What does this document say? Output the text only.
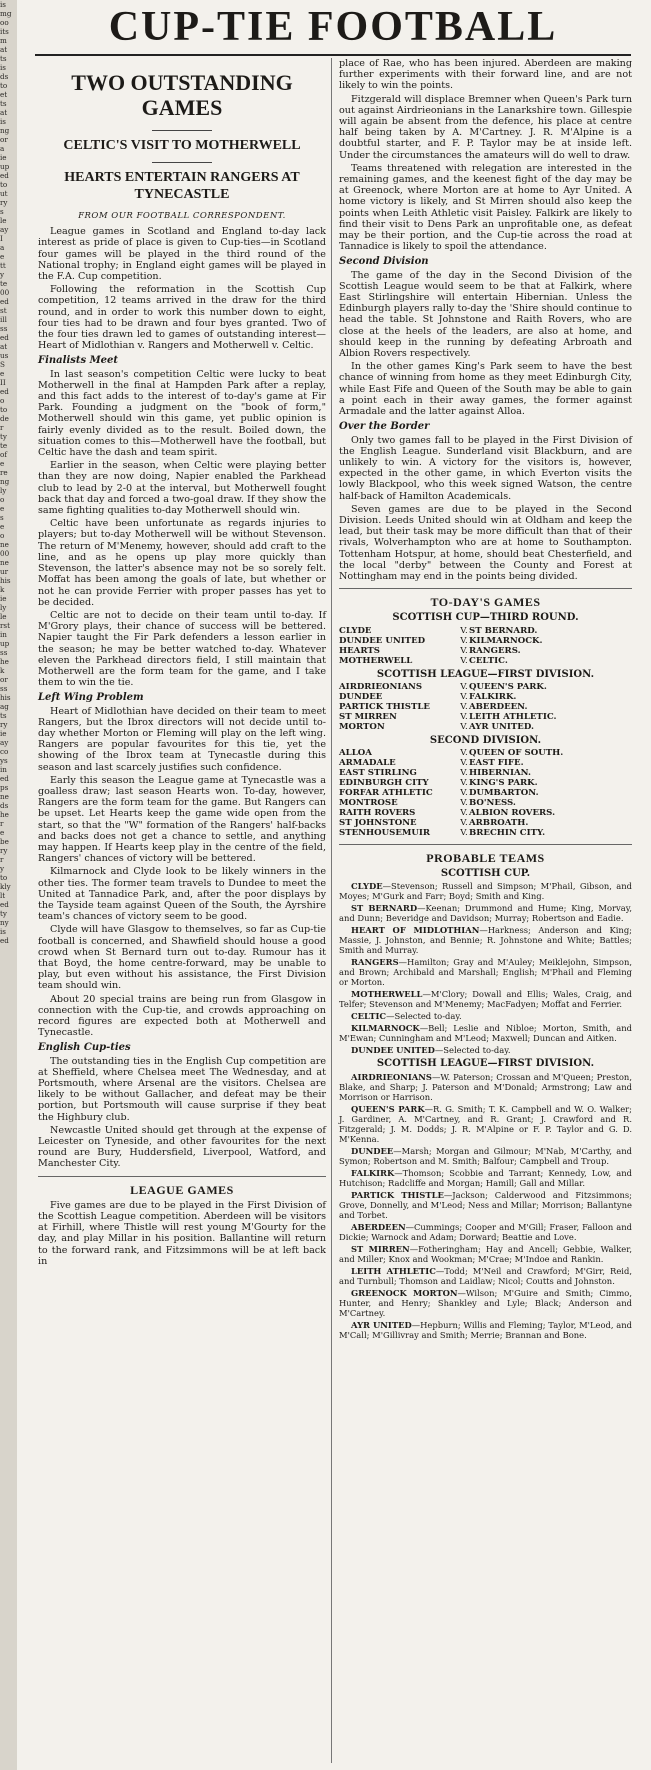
is
mg
oo
its
m
at
ts
is
ds
to
et
ts
at
is
ng
or
a
ie
up
ed
to
ut
ry
s
le
ay
I
a
e
tt
y
te
00
ed
st
ill
ss
ed
at
us
S
e
II
ed
o
to
de
r
ty
te
of
e
re
ng
ly
o
e
s
e
o
ne
00
ne
ur
his
k
ie
ly
le
rst
in
up
ss
he
k
or
ss
his
ag
ts
ry
ie
ay
co
ys
in
ed
ps
ne
ds
he
r
e
be
ry
r
y
to
kly
lt
ed
ty
ny
is
ed
CUP-TIE FOOTBALL
TWO OUTSTANDING GAMES
CELTIC'S VISIT TO MOTHERWELL
HEARTS ENTERTAIN RANGERS AT TYNECASTLE
FROM OUR FOOTBALL CORRESPONDENT.

League games in Scotland and England to-day lack interest as pride of place is given to Cup-ties—in Scotland four games will be played in the third round of the National trophy; in England eight games will be played in the F.A. Cup competition.

Following the reformation in the Scottish Cup competition, 12 teams arrived in the draw for the third round, and in order to work this number down to eight, four ties had to be drawn and four byes granted. Two of the four ties drawn led to games of outstanding interest—Heart of Midlothian v. Rangers and Motherwell v. Celtic.

Finalists Meet

In last season's competition Celtic were lucky to beat Motherwell in the final at Hampden Park after a replay, and this fact adds to the interest of to-day's game at Fir Park. Founding a judgment on the "book of form," Motherwell should win this game, yet public opinion is fairly evenly divided as to the result. Boiled down, the situation comes to this—Motherwell have the football, but Celtic have the dash and team spirit.

Earlier in the season, when Celtic were playing better than they are now doing, Napier enabled the Parkhead club to lead by 2-0 at the interval, but Motherwell fought back that day and forced a two-goal draw. If they show the same fighting qualities to-day Motherwell should win.

Celtic have been unfortunate as regards injuries to players; but to-day Motherwell will be without Stevenson. The return of M'Menemy, however, should add craft to the line, and as he opens up play more quickly than Stevenson, the latter's absence may not be so sorely felt. Moffat has been among the goals of late, but whether or not he can provide Ferrier with proper passes has yet to be decided.

Celtic are not to decide on their team until to-day. If M'Grory plays, their chance of success will be bettered. Napier taught the Fir Park defenders a lesson earlier in the season; he may be better watched to-day. Whatever eleven the Parkhead directors field, I still maintain that Motherwell are the form team for the game, and I take them to win the tie.

Left Wing Problem

Heart of Midlothian have decided on their team to meet Rangers, but the Ibrox directors will not decide until to-day whether Morton or Fleming will play on the left wing. Rangers are popular favourites for this tie, yet the showing of the Ibrox team at Tynecastle during this season and last scarcely justifies such confidence.

Early this season the League game at Tynecastle was a goalless draw; last season Hearts won. To-day, however, Rangers are the form team for the game. But Rangers can be upset. Let Hearts keep the game wide open from the start, so that the "W" formation of the Rangers' half-backs and backs does not get a chance to settle, and anything may happen. If Hearts keep play in the centre of the field, Rangers' chances of victory will be bettered.

Kilmarnock and Clyde look to be likely winners in the other ties. The former team travels to Dundee to meet the United at Tannadice Park, and, after the poor displays by the Tayside team against Queen of the South, the Ayrshire team's chances of victory seem to be good.

Clyde will have Glasgow to themselves, so far as Cup-tie football is concerned, and Shawfield should house a good crowd when St Bernard turn out to-day. Rumour has it that Boyd, the home centre-forward, may be unable to play, but even without his assistance, the First Division team should win.

About 20 special trains are being run from Glasgow in connection with the Cup-tie, and crowds approaching on record figures are expected both at Motherwell and Tynecastle.

English Cup-ties

The outstanding ties in the English Cup competition are at Sheffield, where Chelsea meet The Wednesday, and at Portsmouth, where Arsenal are the visitors. Chelsea are likely to be without Gallacher, and defeat may be their portion, but Portsmouth will cause surprise if they beat the Highbury club.

Newcastle United should get through at the expense of Leicester on Tyneside, and other favourites for the next round are Bury, Huddersfield, Liverpool, Watford, and Manchester City.

LEAGUE GAMES

Five games are due to be played in the First Division of the Scottish League competition. Aberdeen will be visitors at Firhill, where Thistle will rest young M'Gourty for the day, and play Millar in his position. Ballantine will return to the forward rank, and Fitzsimmons will be at left back in

place of Rae, who has been injured. Aberdeen are making further experiments with their forward line, and are not likely to win the points.

Fitzgerald will displace Bremner when Queen's Park turn out against Airdrieonians in the Lanarkshire town. Gillespie will again be absent from the defence, his place at centre half being taken by A. M'Cartney. J. R. M'Alpine is a doubtful starter, and F. P. Taylor may be at inside left. Under the circumstances the amateurs will do well to draw.

Teams threatened with relegation are interested in the remaining games, and the keenest fight of the day may be at Greenock, where Morton are at home to Ayr United. A home victory is likely, and St Mirren should also keep the points when Leith Athletic visit Paisley. Falkirk are likely to find their visit to Dens Park an unprofitable one, as defeat may be their portion, and the Cup-tie across the road at Tannadice is likely to spoil the attendance.

Second Division

The game of the day in the Second Division of the Scottish League would seem to be that at Falkirk, where East Stirlingshire will entertain Hibernian. Unless the Edinburgh players rally to-day the 'Shire should continue to head the table. St Johnstone and Raith Rovers, who are close at the heels of the leaders, are also at home, and should keep in the running by defeating Arbroath and Albion Rovers respectively.

In the other games King's Park seem to have the best chance of winning from home as they meet Edinburgh City, while East Fife and Queen of the South may be able to gain a point each in their away games, the former against Armadale and the latter against Alloa.

Over the Border

Only two games fall to be played in the First Division of the English League. Sunderland visit Blackburn, and are unlikely to win. A victory for the visitors is, however, expected in the other game, in which Everton visits the lowly Blackpool, who this week signed Watson, the centre half-back of Hamilton Academicals.

Seven games are due to be played in the Second Division. Leeds United should win at Oldham and keep the lead, but their task may be more difficult than that of their rivals, Wolverhampton who are at home to Southampton. Tottenham Hotspur, at home, should beat Chesterfield, and the local "derby" between the County and Forest at Nottingham may end in the points being divided.

TO-DAY'S GAMES
SCOTTISH CUP—THIRD ROUND.
CLYDE	V. ST BERNARD.
DUNDEE UNITED	V. KILMARNOCK.
HEARTS	V. RANGERS.
MOTHERWELL	V. CELTIC.
SCOTTISH LEAGUE—FIRST DIVISION.
AIRDRIEONIANS	V. QUEEN'S PARK.
DUNDEE	V. FALKIRK.
PARTICK THISTLE	V. ABERDEEN.
ST MIRREN	V. LEITH ATHLETIC.
MORTON	V. AYR UNITED.
SECOND DIVISION.
ALLOA	V. QUEEN OF SOUTH.
ARMADALE	V. EAST FIFE.
EAST STIRLING	V. HIBERNIAN.
EDINBURGH CITY	V. KING'S PARK.
FORFAR ATHLETIC	V. DUMBARTON.
MONTROSE	V. BO'NESS.
RAITH ROVERS	V. ALBION ROVERS.
ST JOHNSTONE	V. ARBROATH.
STENHOUSEMUIR	V. BRECHIN CITY.
PROBABLE TEAMS
SCOTTISH CUP.

CLYDE—Stevenson; Russell and Simpson; M'Phail, Gibson, and Moyes; M'Gurk and Farr; Boyd; Smith and King.

ST BERNARD—Keenan; Drummond and Hume; King, Morvay, and Dunn; Beveridge and Davidson; Murray; Robertson and Eadie.

HEART OF MIDLOTHIAN—Harkness; Anderson and King; Massie, J. Johnston, and Bennie; R. Johnstone and White; Battles; Smith and Murray.

RANGERS—Hamilton; Gray and M'Auley; Meiklejohn, Simpson, and Brown; Archibald and Marshall; English; M'Phail and Fleming or Morton.

MOTHERWELL—M'Clory; Dowall and Ellis; Wales, Craig, and Telfer; Stevenson and M'Menemy; MacFadyen; Moffat and Ferrier.

CELTIC—Selected to-day.

KILMARNOCK—Bell; Leslie and Nibloe; Morton, Smith, and M'Ewan; Cunningham and M'Leod; Maxwell; Duncan and Aitken.

DUNDEE UNITED—Selected to-day.

SCOTTISH LEAGUE—FIRST DIVISION.

AIRDRIEONIANS—W. Paterson; Crossan and M'Queen; Preston, Blake, and Sharp; J. Paterson and M'Donald; Armstrong; Law and Morrison or Harrison.

QUEEN'S PARK—R. G. Smith; T. K. Campbell and W. O. Walker; J. Gardiner, A. M'Cartney, and R. Grant; J. Crawford and R. Fitzgerald; J. M. Dodds; J. R. M'Alpine or F. P. Taylor and G. D. M'Kenna.

DUNDEE—Marsh; Morgan and Gilmour; M'Nab, M'Carthy, and Symon; Robertson and M. Smith; Balfour; Campbell and Troup.

FALKIRK—Thomson; Scobbie and Tarrant; Kennedy, Low, and Hutchison; Radcliffe and Morgan; Hamill; Gall and Millar.

PARTICK THISTLE—Jackson; Calderwood and Fitzsimmons; Grove, Donnelly, and M'Leod; Ness and Millar; Morrison; Ballantyne and Torbet.

ABERDEEN—Cummings; Cooper and M'Gill; Fraser, Falloon and Dickie; Warnock and Adam; Dorward; Beattie and Love.

ST MIRREN—Fotheringham; Hay and Ancell; Gebbie, Walker, and Miller; Knox and Wookman; M'Crae; M'Indoe and Rankin.

LEITH ATHLETIC—Todd; M'Neil and Crawford; M'Girr, Reid, and Turnbull; Thomson and Laidlaw; Nicol; Coutts and Johnston.

GREENOCK MORTON—Wilson; M'Guire and Smith; Cimmo, Hunter, and Henry; Shankley and Lyle; Black; Anderson and M'Cartney.

AYR UNITED—Hepburn; Willis and Fleming; Taylor, M'Leod, and M'Call; M'Gillivray and Smith; Merrie; Brannan and Bone.
